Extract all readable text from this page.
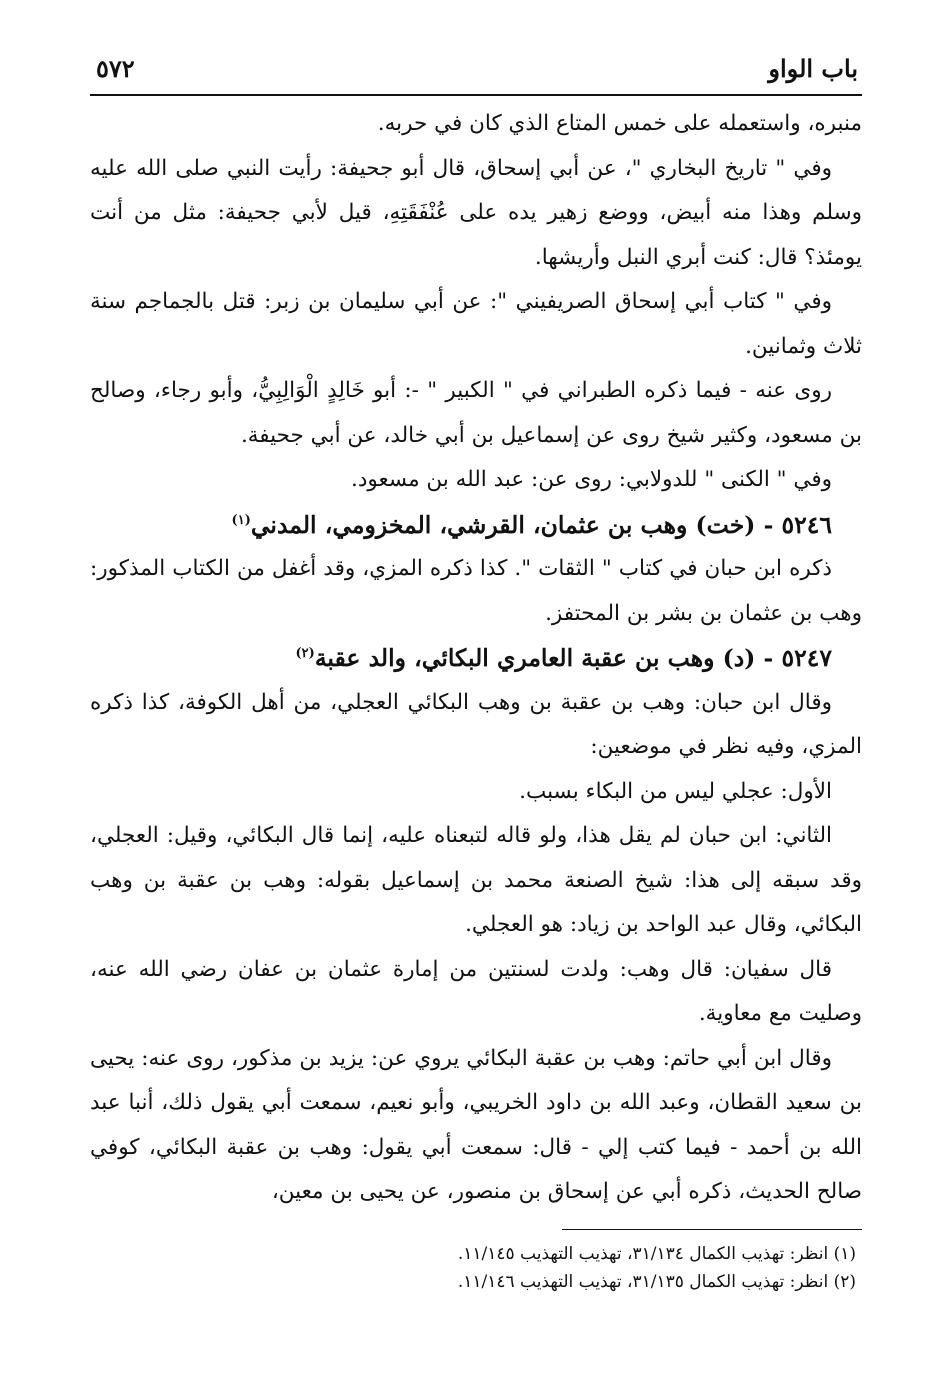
باب الواو
٥٧٢

منبره، واستعمله على خمس المتاع الذي كان في حربه.

وفي " تاريخ البخاري "، عن أبي إسحاق، قال أبو جحيفة: رأيت النبي صلى الله عليه وسلم وهذا منه أبيض، ووضع زهير يده على عُنْفَقَتِهِ، قيل لأبي جحيفة: مثل من أنت يومئذ؟ قال: كنت أبري النبل وأريشها.

وفي " كتاب أبي إسحاق الصريفيني ": عن أبي سليمان بن زبر: قتل بالجماجم سنة ثلاث وثمانين.

روى عنه - فيما ذكره الطبراني في " الكبير " -: أبو خَالِدٍ الْوَالِبِيُّ، وأبو رجاء، وصالح بن مسعود، وكثير شيخ روى عن إسماعيل بن أبي خالد، عن أبي جحيفة.

وفي " الكنى " للدولابي: روى عن: عبد الله بن مسعود.

٥٢٤٦ - (خت) وهب بن عثمان، القرشي، المخزومي، المدني$^{(١)}$

ذكره ابن حبان في كتاب " الثقات ". كذا ذكره المزي، وقد أغفل من الكتاب المذكور: وهب بن عثمان بن بشر بن المحتفز.

٥٢٤٧ - (د) وهب بن عقبة العامري البكائي، والد عقبة$^{(٢)}$

وقال ابن حبان: وهب بن عقبة بن وهب البكائي العجلي، من أهل الكوفة، كذا ذكره المزي، وفيه نظر في موضعين:

الأول: عجلي ليس من البكاء بسبب.

الثاني: ابن حبان لم يقل هذا، ولو قاله لتبعناه عليه، إنما قال البكائي، وقيل: العجلي، وقد سبقه إلى هذا: شيخ الصنعة محمد بن إسماعيل بقوله: وهب بن عقبة بن وهب البكائي، وقال عبد الواحد بن زياد: هو العجلي.

قال سفيان: قال وهب: ولدت لسنتين من إمارة عثمان بن عفان رضي الله عنه، وصليت مع معاوية.

وقال ابن أبي حاتم: وهب بن عقبة البكائي يروي عن: يزيد بن مذكور، روى عنه: يحيى بن سعيد القطان، وعبد الله بن داود الخريبي، وأبو نعيم، سمعت أبي يقول ذلك، أنبا عبد الله بن أحمد - فيما كتب إلي - قال: سمعت أبي يقول: وهب بن عقبة البكائي، كوفي صالح الحديث، ذكره أبي عن إسحاق بن منصور، عن يحيى بن معين،

(١) انظر: تهذيب الكمال ٣١/١٣٤، تهذيب التهذيب ١١/١٤٥.

(٢) انظر: تهذيب الكمال ٣١/١٣٥، تهذيب التهذيب ١١/١٤٦.
